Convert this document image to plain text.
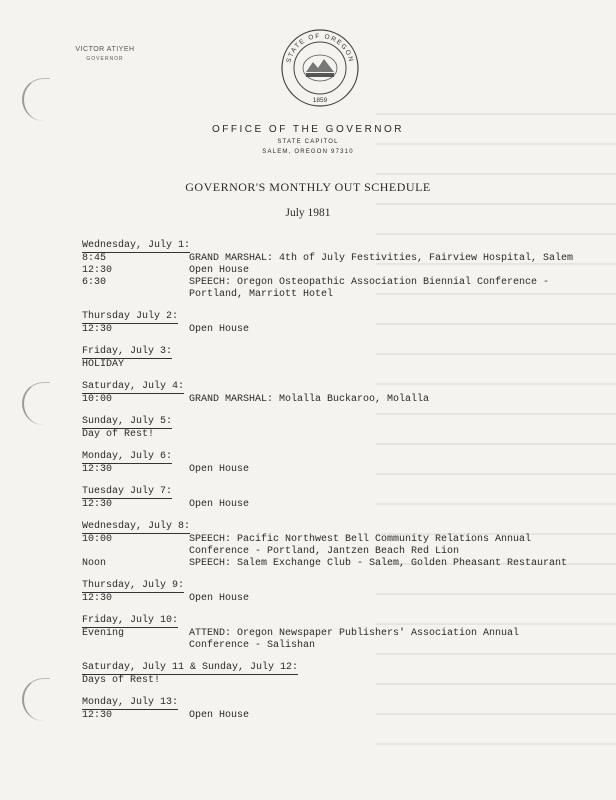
VICTOR ATIYEH
GOVERNOR	STATE OF OREGON
1859
OFFICE OF THE GOVERNOR
STATE CAPITOL
SALEM, OREGON 97310
GOVERNOR'S MONTHLY OUT SCHEDULE
July 1981
Wednesday, July 1:
8:45	GRAND MARSHAL: 4th of July Festivities, Fairview Hospital, Salem
12:30	Open House
6:30	SPEECH: Oregon Osteopathic Association Biennial Conference -
Portland, Marriott Hotel
Thursday July 2:
12:30	Open House
Friday, July 3:
HOLIDAY
Saturday, July 4:
10:00	GRAND MARSHAL: Molalla Buckaroo, Molalla
Sunday, July 5:
Day of Rest!
Monday, July 6:
12:30	Open House
Tuesday July 7:
12:30	Open House
Wednesday, July 8:
10:00	SPEECH: Pacific Northwest Bell Community Relations Annual
Conference - Portland, Jantzen Beach Red Lion
Noon	SPEECH: Salem Exchange Club - Salem, Golden Pheasant Restaurant
Thursday, July 9:
12:30	Open House
Friday, July 10:
Evening	ATTEND: Oregon Newspaper Publishers' Association Annual
Conference - Salishan
Saturday, July 11 & Sunday, July 12:
Days of Rest!
Monday, July 13:
12:30	Open House
